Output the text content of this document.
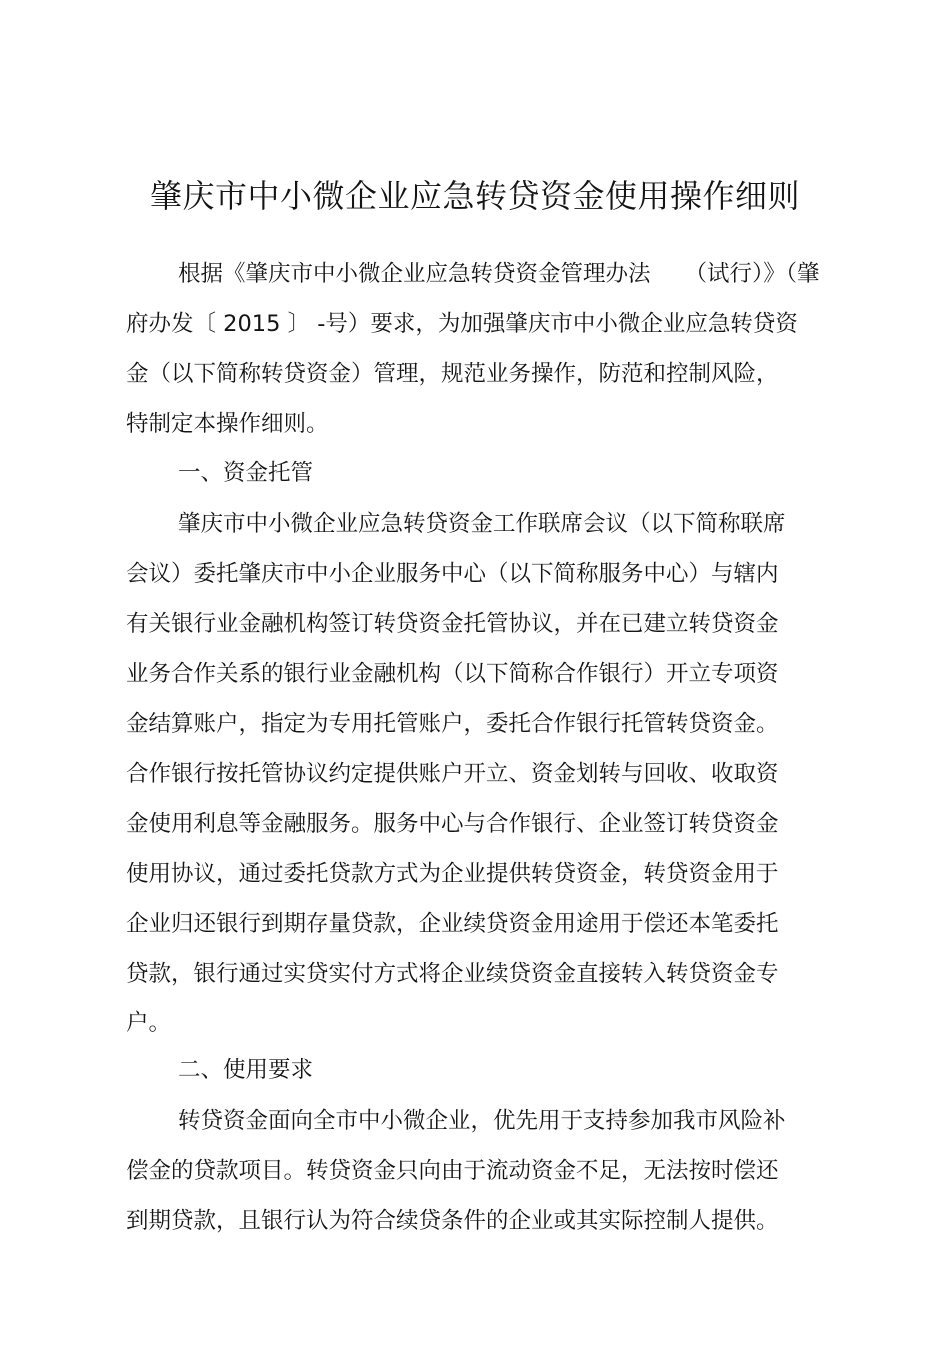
肇庆市中小微企业应急转贷资金使用操作细则
根据《肇庆市中小微企业应急转贷资金管理办法 （试行）》（肇
府办发〔 2015 〕 -号）要求，为加强肇庆市中小微企业应急转贷资
金（以下简称转贷资金）管理，规范业务操作，防范和控制风险，
特制定本操作细则。
一、资金托管
肇庆市中小微企业应急转贷资金工作联席会议（以下简称联席
会议）委托肇庆市中小企业服务中心（以下简称服务中心）与辖内
有关银行业金融机构签订转贷资金托管协议，并在已建立转贷资金
业务合作关系的银行业金融机构（以下简称合作银行）开立专项资
金结算账户，指定为专用托管账户，委托合作银行托管转贷资金。
合作银行按托管协议约定提供账户开立、资金划转与回收、收取资
金使用利息等金融服务。服务中心与合作银行、企业签订转贷资金
使用协议，通过委托贷款方式为企业提供转贷资金，转贷资金用于
企业归还银行到期存量贷款，企业续贷资金用途用于偿还本笔委托
贷款，银行通过实贷实付方式将企业续贷资金直接转入转贷资金专
户。
二、使用要求
转贷资金面向全市中小微企业，优先用于支持参加我市风险补
偿金的贷款项目。转贷资金只向由于流动资金不足，无法按时偿还
到期贷款，且银行认为符合续贷条件的企业或其实际控制人提供。
